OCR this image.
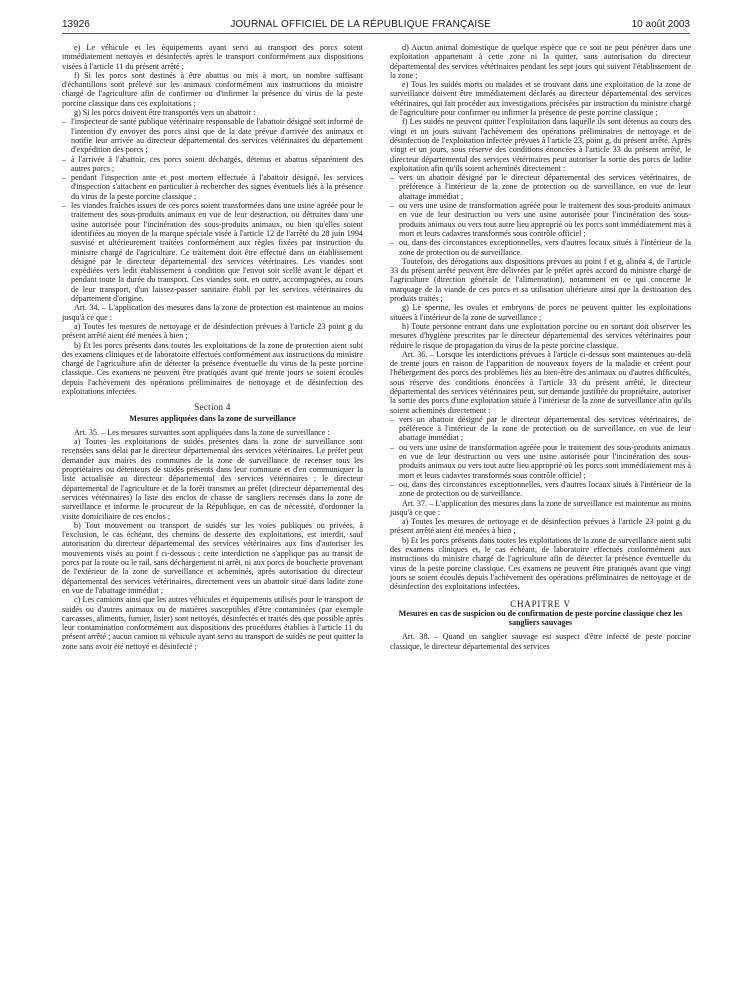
13926	JOURNAL OFFICIEL DE LA RÉPUBLIQUE FRANÇAISE	10 août 2003

e) Le véhicule et les équipements ayant servi au transport des porcs soient immédiatement nettoyés et désinfectés après le transport conformément aux dispositions visées à l'article 11 du présent arrêté ;

f) Si les porcs sont destinés à être abattus ou mis à mort, un nombre suffisant d'échantillons sont prélevé sur les animaux conformément aux instructions du ministre chargé de l'agriculture afin de confirmer ou d'infirmer la présence du virus de la peste porcine classique dans ces exploitations ;

g) Si les porcs doivent être transportés vers un abattoir :

– l'inspecteur de santé publique vétérinaire responsable de l'abattoir désigné soit informé de l'intention d'y envoyer des porcs ainsi que de la date prévue d'arrivée des animaux et notifie leur arrivée au directeur départemental des services vétérinaires du département d'expédition des porcs ;

– à l'arrivée à l'abattoir, ces porcs soient déchargés, détenus et abattus séparément des autres porcs ;

– pendant l'inspection ante et post mortem effectuée à l'abattoir désigné, les services d'inspection s'attachent en particulier à rechercher des signes éventuels liés à la présence du virus de la peste porcine classique ;

– les viandes fraîches issues de ces porcs soient transformées dans une usine agréée pour le traitement des sous-produits animaux en vue de leur destruction, ou détruites dans une usine autorisée pour l'incinération des sous-produits animaux, ou bien qu'elles soient identifiées au moyen de la marque spéciale visée à l'article 12 de l'arrêté du 28 juin 1994 susvisé et ultérieurement traitées conformément aux règles fixées par instruction du ministre chargé de l'agriculture. Ce traitement doit être effectué dans un établissement désigné par le directeur départemental des services vétérinaires. Les viandes sont expédiées vers ledit établissement à condition que l'envoi soit scellé avant le départ et pendant toute la durée du transport. Ces viandes sont, en outre, accompagnées, au cours de leur transport, d'un laissez-passer sanitaire établi par les services vétérinaires du département d'origine.

Art. 34. – L'application des mesures dans la zone de protection est maintenue au moins jusqu'à ce que :

a) Toutes les mesures de nettoyage et de désinfection prévues à l'article 23 point g du présent arrêté aient été menées à bien ;

b) Et les porcs présents dans toutes les exploitations de la zone de protection aient subi des examens cliniques et de laboratoire effectués conformément aux instructions du ministre chargé de l'agriculture afin de détecter la présence éventuelle du virus de la peste porcine classique. Ces examens ne peuvent être pratiqués avant que trente jours se soient écoulés depuis l'achèvement des opérations préliminaires de nettoyage et de désinfection des exploitations infectées.

Section 4

Mesures appliquées dans la zone de surveillance

Art. 35. – Les mesures suivantes sont appliquées dans la zone de surveillance :

a) Toutes les exploitations de suidés présentes dans la zone de surveillance sont recensées sans délai par le directeur départemental des services vétérinaires. Le préfet peut demander aux maires des communes de la zone de surveillance de recenser tous les propriétaires ou détenteurs de suidés présents dans leur commune et d'en communiquer la liste actualisée au directeur départemental des services vétérinaires ; le directeur départemental de l'agriculture et de la forêt transmet au préfet (directeur départemental des services vétérinaires) la liste des enclos de chasse de sangliers recensés dans la zone de surveillance et informe le procureur de la République, en cas de nécessité, d'ordonner la visite domiciliaire de ces enclos ;

b) Tout mouvement ou transport de suidés sur les voies publiques ou privées, à l'exclusion, le cas échéant, des chemins de desserte des exploitations, est interdit, sauf autorisation du directeur départemental des services vétérinaires aux fins d'autoriser les mouvements visés au point f ci-dessous ; cette interdiction ne s'applique pas au transit de porcs par la route ou le rail, sans déchargement ni arrêt, ni aux porcs de boucherie provenant de l'extérieur de la zone de surveillance et acheminés, après autorisation du directeur départemental des services vétérinaires, directement vers un abattoir situé dans ladite zone en vue de l'abattage immédiat ;

c) Les camions ainsi que les autres véhicules et équipements utilisés pour le transport de suidés ou d'autres animaux ou de matières susceptibles d'être contaminées (par exemple carcasses, aliments, fumier, lisier) sont nettoyés, désinfectés et traités dès que possible après leur contamination conformément aux dispositions des procédures établies à l'article 11 du présent arrêté ; aucun camion ni véhicule ayant servi au transport de suidés ne peut quitter la zone sans avoir été nettoyé et désinfecté ;

d) Aucun animal domestique de quelque espèce que ce soit ne peut pénétrer dans une exploitation appartenant à cette zone ni la quitter, sans autorisation du directeur départemental des services vétérinaires pendant les sept jours qui suivent l'établissement de la zone ;

e) Tous les suidés morts ou malades et se trouvant dans une exploitation de la zone de surveillance doivent être immédiatement déclarés au directeur départemental des services vétérinaires, qui fait procéder aux investigations précisées par instruction du ministre chargé de l'agriculture pour confirmer ou infirmer la présence de peste porcine classique ;

f) Les suidés ne peuvent quitter l'exploitation dans laquelle ils sont détenus au cours des vingt et un jours suivant l'achèvement des opérations préliminaires de nettoyage et de désinfection de l'exploitation infectée prévues à l'article 23, point g, du présent arrêté. Après vingt et un jours, sous réserve des conditions énoncées à l'article 33 du présent arrêté, le directeur départemental des services vétérinaires peut autoriser la sortie des porcs de ladite exploitation afin qu'ils soient acheminés directement :

– vers un abattoir désigné par le directeur départemental des services vétérinaires, de préférence à l'intérieur de la zone de protection ou de surveillance, en vue de leur abattage immédiat ;

– ou vers une usine de transformation agréée pour le traitement des sous-produits animaux en vue de leur destruction ou vers une usine autorisée pour l'incinération des sous-produits animaux ou vers tout autre lieu approprié où les porcs sont immédiatement mis à mort et leurs cadavres transformés sous contrôle officiel ;

– ou, dans des circonstances exceptionnelles, vers d'autres locaux situés à l'intérieur de la zone de protection ou de surveillance.

Toutefois, des dérogations aux dispositions prévues au point f et g, alinéa 4, de l'article 33 du présent arrêté peuvent être délivrées par le préfet après accord du ministre chargé de l'agriculture (direction générale de l'alimentation), notamment en ce qui concerne le marquage de la viande de ces porcs et sa utilisation ultérieure ainsi que la destination des produits traités ;

g) Le sperme, les ovules et embryons de porcs ne peuvent quitter les exploitations situées à l'intérieur de la zone de surveillance ;

h) Toute personne entrant dans une exploitation porcine ou en sortant doit observer les mesures d'hygiène prescrites par le directeur départemental des services vétérinaires pour réduire le risque de propagation du virus de la peste porcine classique.

Art. 36. – Lorsque les interdictions prévues à l'article ci-dessus sont maintenues au-delà de trente jours en raison de l'apparition de nouveaux foyers de la maladie et créent pour l'hébergement des porcs des problèmes liés au bien-être des animaux ou d'autres difficultés, sous réserve des conditions énoncées à l'article 33 du présent arrêté, le directeur départemental des services vétérinaires peut, sur demande justifiée du propriétaire, autoriser la sortie des porcs d'une exploitation située à l'intérieur de la zone de surveillance afin qu'ils soient acheminés directement :

– vers un abattoir désigné par le directeur départemental des services vétérinaires, de préférence à l'intérieur de la zone de protection ou de surveillance, en vue de leur abattage immédiat ;

– ou vers une usine de transformation agréée pour le traitement des sous-produits animaux en vue de leur destruction ou vers une usine autorisée pour l'incinération des sous-produits animaux ou vers tout autre lieu approprié où les porcs sont immédiatement mis à mort et leurs cadavres transformés sous contrôle officiel ;

– ou, dans des circonstances exceptionnelles, vers d'autres locaux situés à l'intérieur de la zone de protection ou de surveillance.

Art. 37. – L'application des mesures dans la zone de surveillance est maintenue au moins jusqu'à ce que :

a) Toutes les mesures de nettoyage et de désinfection prévues à l'article 23 point g du présent arrêté aient été menées à bien ;

b) Et les porcs présents dans toutes les exploitations de la zone de surveillance aient subi des examens cliniques et, le cas échéant, de laboratoire effectués conformément aux instructions du ministre chargé de l'agriculture afin de détecter la présence éventuelle du virus de la peste porcine classique. Ces examens ne peuvent être pratiqués avant que vingt jours se soient écoulés depuis l'achèvement des opérations préliminaires de nettoyage et de désinfection des exploitations infectées.

CHAPITRE V

Mesures en cas de suspicion ou de confirmation de peste porcine classique chez les sangliers sauvages

Art. 38. – Quand un sanglier sauvage est suspect d'être infecté de peste porcine classique, le directeur départemental des services
